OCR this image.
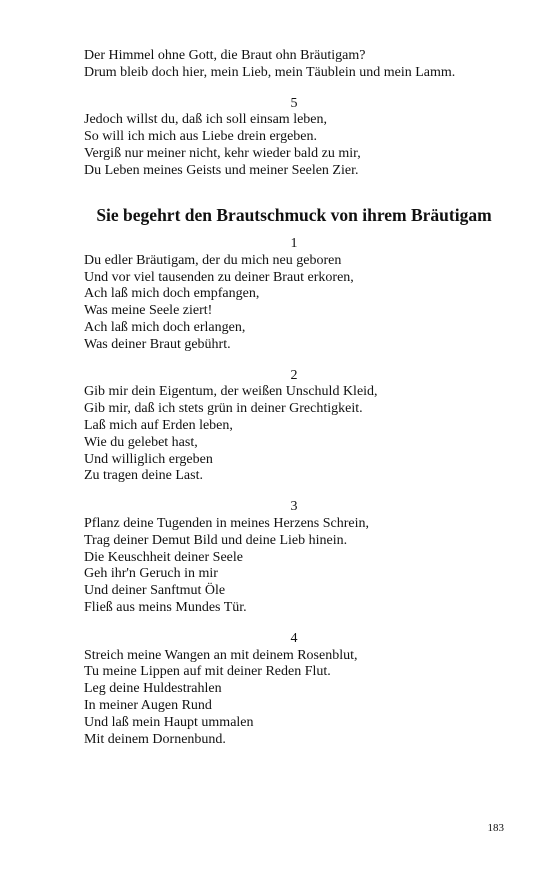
Der Himmel ohne Gott, die Braut ohn Bräutigam?
Drum bleib doch hier, mein Lieb, mein Täublein und mein Lamm.
5
Jedoch willst du, daß ich soll einsam leben,
So will ich mich aus Liebe drein ergeben.
Vergiß nur meiner nicht, kehr wieder bald zu mir,
Du Leben meines Geists und meiner Seelen Zier.
Sie begehrt den Brautschmuck von ihrem Bräutigam
1
Du edler Bräutigam, der du mich neu geboren
Und vor viel tausenden zu deiner Braut erkoren,
Ach laß mich doch empfangen,
Was meine Seele ziert!
Ach laß mich doch erlangen,
Was deiner Braut gebührt.
2
Gib mir dein Eigentum, der weißen Unschuld Kleid,
Gib mir, daß ich stets grün in deiner Grechtigkeit.
Laß mich auf Erden leben,
Wie du gelebet hast,
Und williglich ergeben
Zu tragen deine Last.
3
Pflanz deine Tugenden in meines Herzens Schrein,
Trag deiner Demut Bild und deine Lieb hinein.
Die Keuschheit deiner Seele
Geh ihr'n Geruch in mir
Und deiner Sanftmut Öle
Fließ aus meins Mundes Tür.
4
Streich meine Wangen an mit deinem Rosenblut,
Tu meine Lippen auf mit deiner Reden Flut.
Leg deine Huldestrahlen
In meiner Augen Rund
Und laß mein Haupt ummalen
Mit deinem Dornenbund.
183
